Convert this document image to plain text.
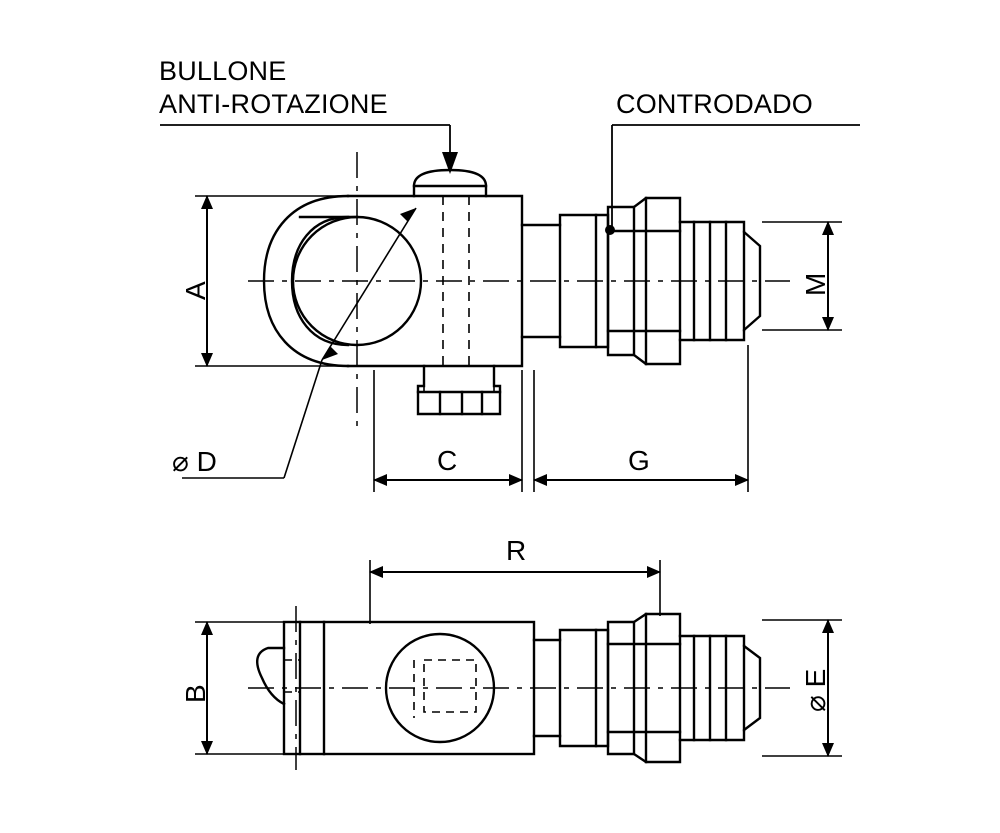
BULLONE
ANTI-ROTAZIONE	CONTRODADO
A
⌀ D	C	G
M
R
B	⌀ E
